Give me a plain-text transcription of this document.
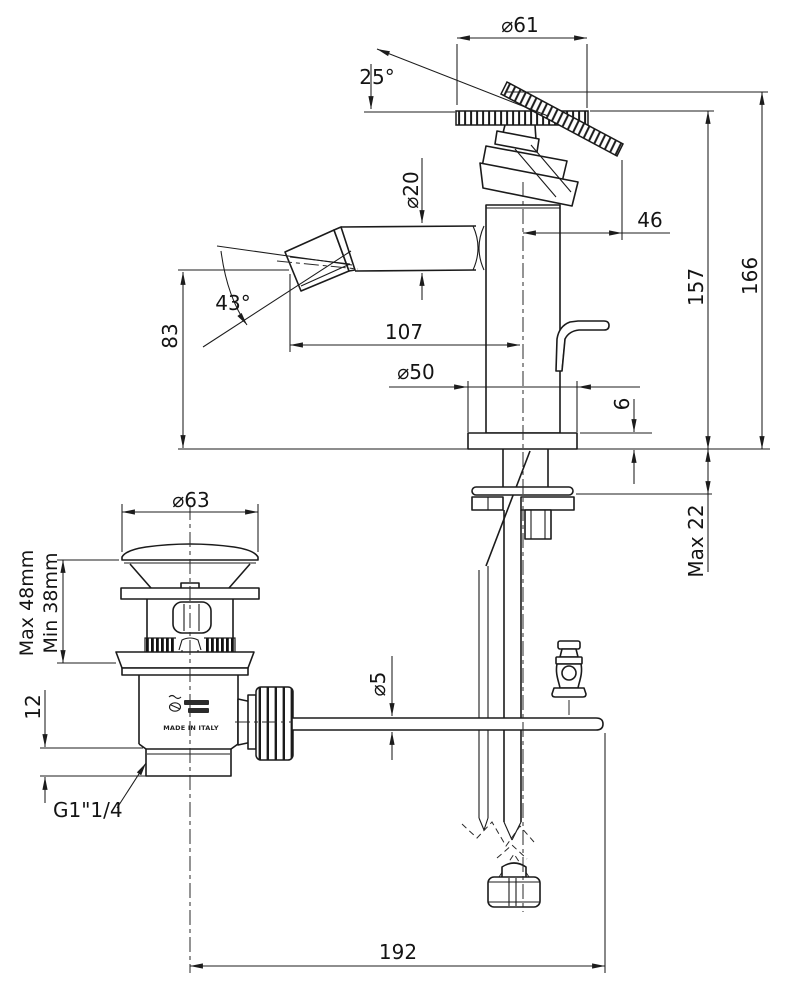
MADE IN ITALY
⌀61
25°
⌀20
46
157 166
43°
83	107
⌀50
6
Max 22
⌀63
Max 48mm Min 38mm
12
G1"1/4
⌀5
192
